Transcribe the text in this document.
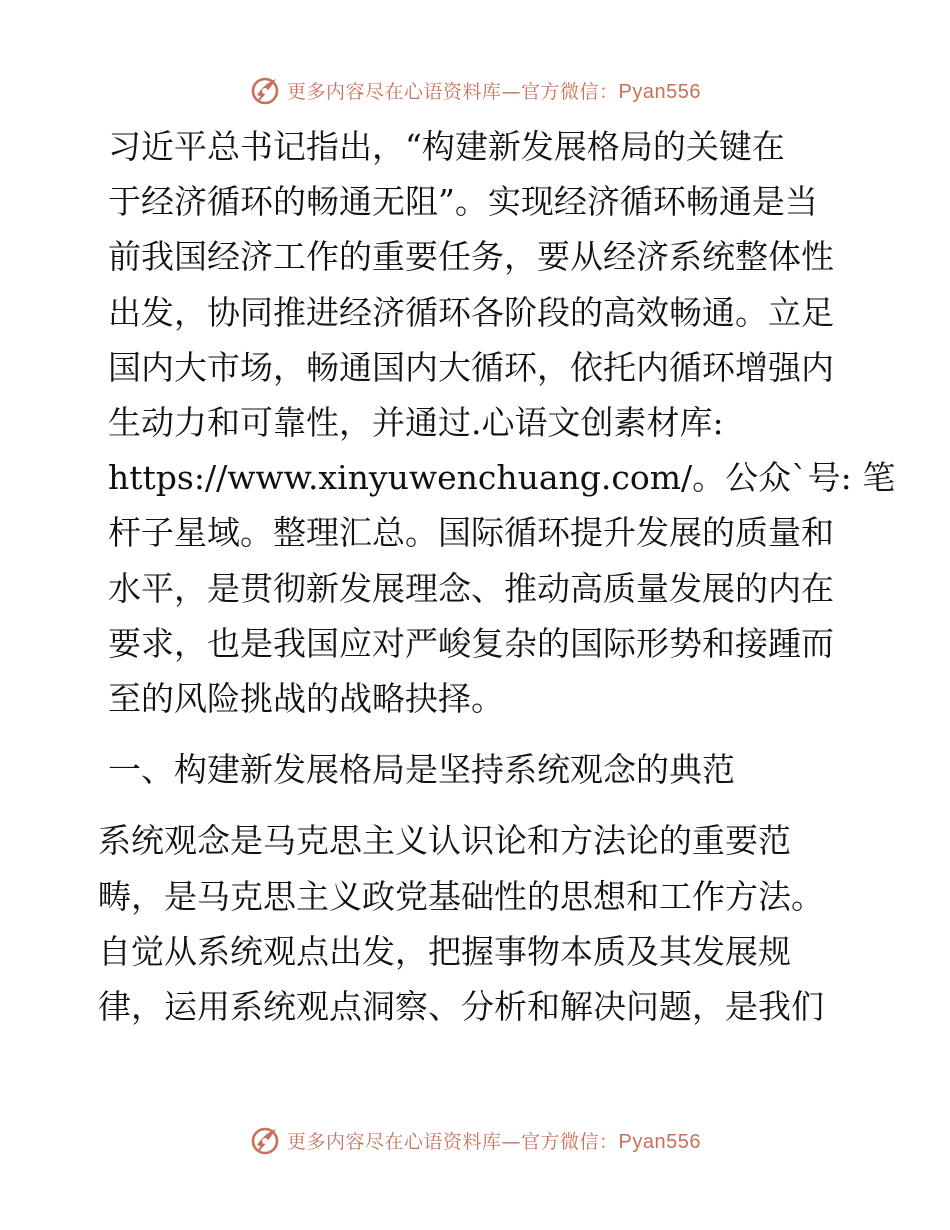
更多内容尽在心语资料库—官方微信：Pyan556
习近平总书记指出，“构建新发展格局的关键在
于经济循环的畅通无阻”。实现经济循环畅通是当
前我国经济工作的重要任务，要从经济系统整体性
出发，协同推进经济循环各阶段的高效畅通。立足
国内大市场，畅通国内大循环，依托内循环增强内
生动力和可靠性，并通过.心语文创素材库:
https://www.xinyuwenchuang.com/。公众`号: 笔
杆子星域。整理汇总。国际循环提升发展的质量和
水平，是贯彻新发展理念、推动高质量发展的内在
要求，也是我国应对严峻复杂的国际形势和接踵而
至的风险挑战的战略抉择。
一、构建新发展格局是坚持系统观念的典范
系统观念是马克思主义认识论和方法论的重要范
畴，是马克思主义政党基础性的思想和工作方法。
自觉从系统观点出发，把握事物本质及其发展规
律，运用系统观点洞察、分析和解决问题，是我们
更多内容尽在心语资料库—官方微信：Pyan556
